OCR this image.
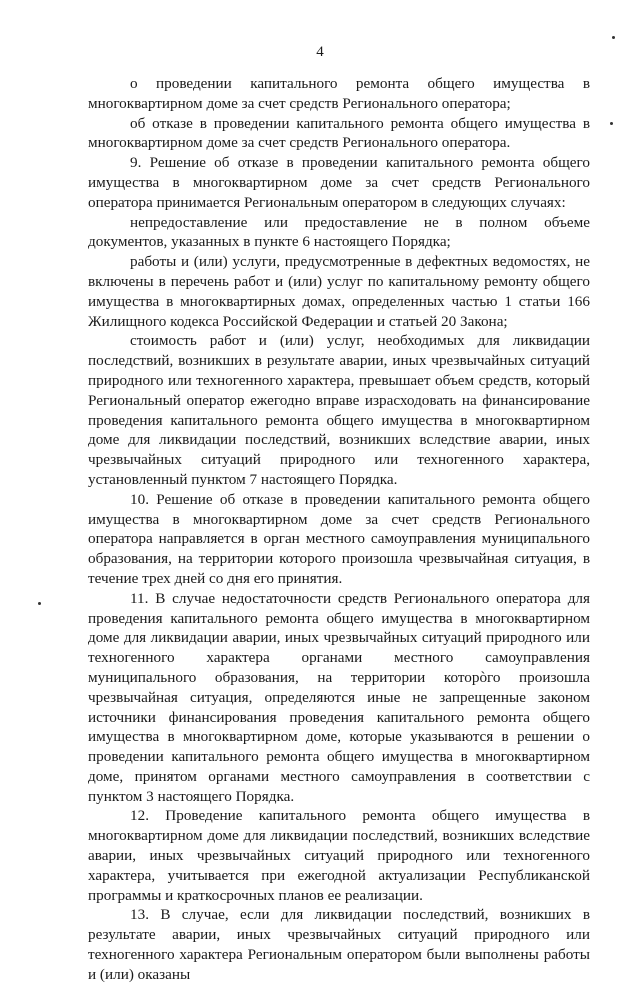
4

о проведении капитального ремонта общего имущества в многоквартирном доме за счет средств Регионального оператора;

об отказе в проведении капитального ремонта общего имущества в многоквартирном доме за счет средств Регионального оператора.

9. Решение об отказе в проведении капитального ремонта общего имущества в многоквартирном доме за счет средств Регионального оператора принимается Региональным оператором в следующих случаях:

непредоставление или предоставление не в полном объеме документов, указанных в пункте 6 настоящего Порядка;

работы и (или) услуги, предусмотренные в дефектных ведомостях, не включены в перечень работ и (или) услуг по капитальному ремонту общего имущества в многоквартирных домах, определенных частью 1 статьи 166 Жилищного кодекса Российской Федерации и статьей 20 Закона;

стоимость работ и (или) услуг, необходимых для ликвидации последствий, возникших в результате аварии, иных чрезвычайных ситуаций природного или техногенного характера, превышает объем средств, который Региональный оператор ежегодно вправе израсходовать на финансирование проведения капитального ремонта общего имущества в многоквартирном доме для ликвидации последствий, возникших вследствие аварии, иных чрезвычайных ситуаций природного или техногенного характера, установленный пунктом 7 настоящего Порядка.

10. Решение об отказе в проведении капитального ремонта общего имущества в многоквартирном доме за счет средств Регионального оператора направляется в орган местного самоуправления муниципального образования, на территории которого произошла чрезвычайная ситуация, в течение трех дней со дня его принятия.

11. В случае недостаточности средств Регионального оператора для проведения капитального ремонта общего имущества в многоквартирном доме для ликвидации аварии, иных чрезвычайных ситуаций природного или техногенного характера органами местного самоуправления муниципального образования, на территории которòго произошла чрезвычайная ситуация, определяются иные не запрещенные законом источники финансирования проведения капитального ремонта общего имущества в многоквартирном доме, которые указываются в решении о проведении капитального ремонта общего имущества в многоквартирном доме, принятом органами местного самоуправления в соответствии с пунктом 3 настоящего Порядка.

12. Проведение капитального ремонта общего имущества в многоквартирном доме для ликвидации последствий, возникших вследствие аварии, иных чрезвычайных ситуаций природного или техногенного характера, учитывается при ежегодной актуализации Республиканской программы и краткосрочных планов ее реализации.

13. В случае, если для ликвидации последствий, возникших в результате аварии, иных чрезвычайных ситуаций природного или техногенного характера Региональным оператором были выполнены работы и (или) оказаны
